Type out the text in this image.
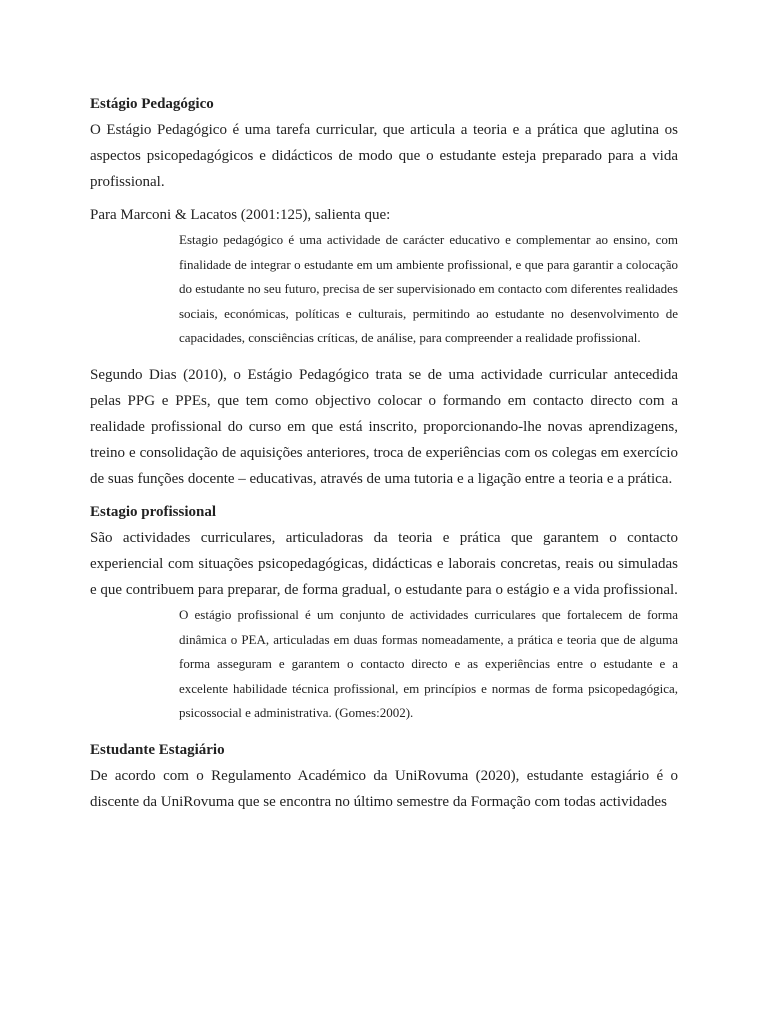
Estágio Pedagógico

O Estágio Pedagógico é uma tarefa curricular, que articula a teoria e a prática que aglutina os aspectos psicopedagógicos e didácticos de modo que o estudante esteja preparado para a vida profissional.

Para Marconi & Lacatos (2001:125), salienta que:

Estagio pedagógico é uma actividade de carácter educativo e complementar ao ensino, com finalidade de integrar o estudante em um ambiente profissional, e que para garantir a colocação do estudante no seu futuro, precisa de ser supervisionado em contacto com diferentes realidades sociais, económicas, políticas e culturais, permitindo ao estudante no desenvolvimento de capacidades, consciências críticas, de análise, para compreender a realidade profissional.

Segundo Dias (2010), o Estágio Pedagógico trata se de uma actividade curricular antecedida pelas PPG e PPEs, que tem como objectivo colocar o formando em contacto directo com a realidade profissional do curso em que está inscrito, proporcionando-lhe novas aprendizagens, treino e consolidação de aquisições anteriores, troca de experiências com os colegas em exercício de suas funções docente – educativas, através de uma tutoria e a ligação entre a teoria e a prática.

Estagio profissional

São actividades curriculares, articuladoras da teoria e prática que garantem o contacto experiencial com situações psicopedagógicas, didácticas e laborais concretas, reais ou simuladas e que contribuem para preparar, de forma gradual, o estudante para o estágio e a vida profissional.

O estágio profissional é um conjunto de actividades curriculares que fortalecem de forma dinâmica o PEA, articuladas em duas formas nomeadamente, a prática e teoria que de alguma forma asseguram e garantem o contacto directo e as experiências entre o estudante e a excelente habilidade técnica profissional, em princípios e normas de forma psicopedagógica, psicossocial e administrativa. (Gomes:2002).
Estudante Estagiário

De acordo com o Regulamento Académico da UniRovuma (2020), estudante estagiário é o discente da UniRovuma que se encontra no último semestre da Formação com todas actividades
